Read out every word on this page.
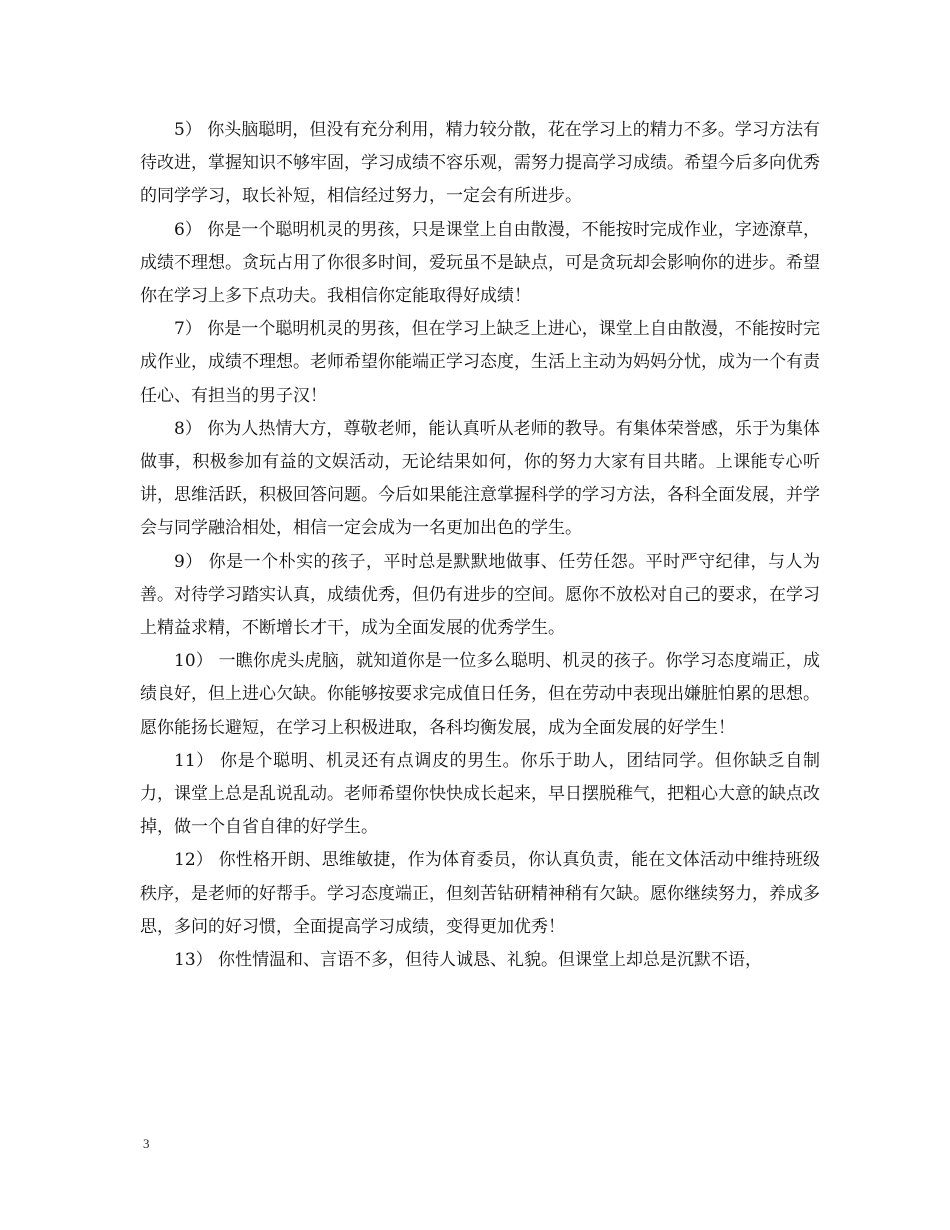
5） 你头脑聪明，但没有充分利用，精力较分散，花在学习上的精力不多。学习方法有待改进，掌握知识不够牢固，学习成绩不容乐观，需努力提高学习成绩。希望今后多向优秀的同学学习，取长补短，相信经过努力，一定会有所进步。

6） 你是一个聪明机灵的男孩，只是课堂上自由散漫，不能按时完成作业，字迹潦草，成绩不理想。贪玩占用了你很多时间，爱玩虽不是缺点，可是贪玩却会影响你的进步。希望你在学习上多下点功夫。我相信你定能取得好成绩！

7） 你是一个聪明机灵的男孩，但在学习上缺乏上进心，课堂上自由散漫，不能按时完成作业，成绩不理想。老师希望你能端正学习态度，生活上主动为妈妈分忧，成为一个有责任心、有担当的男子汉！

8） 你为人热情大方，尊敬老师，能认真听从老师的教导。有集体荣誉感，乐于为集体做事，积极参加有益的文娱活动，无论结果如何，你的努力大家有目共睹。上课能专心听讲，思维活跃，积极回答问题。今后如果能注意掌握科学的学习方法，各科全面发展，并学会与同学融洽相处，相信一定会成为一名更加出色的学生。

9） 你是一个朴实的孩子，平时总是默默地做事、任劳任怨。平时严守纪律，与人为善。对待学习踏实认真，成绩优秀，但仍有进步的空间。愿你不放松对自己的要求，在学习上精益求精，不断增长才干，成为全面发展的优秀学生。

10） 一瞧你虎头虎脑，就知道你是一位多么聪明、机灵的孩子。你学习态度端正，成绩良好，但上进心欠缺。你能够按要求完成值日任务，但在劳动中表现出嫌脏怕累的思想。愿你能扬长避短，在学习上积极进取，各科均衡发展，成为全面发展的好学生！

11） 你是个聪明、机灵还有点调皮的男生。你乐于助人，团结同学。但你缺乏自制力，课堂上总是乱说乱动。老师希望你快快成长起来，早日摆脱稚气，把粗心大意的缺点改掉，做一个自省自律的好学生。

12） 你性格开朗、思维敏捷，作为体育委员，你认真负责，能在文体活动中维持班级秩序，是老师的好帮手。学习态度端正，但刻苦钻研精神稍有欠缺。愿你继续努力，养成多思，多问的好习惯，全面提高学习成绩，变得更加优秀！

13） 你性情温和、言语不多，但待人诚恳、礼貌。但课堂上却总是沉默不语，

3
